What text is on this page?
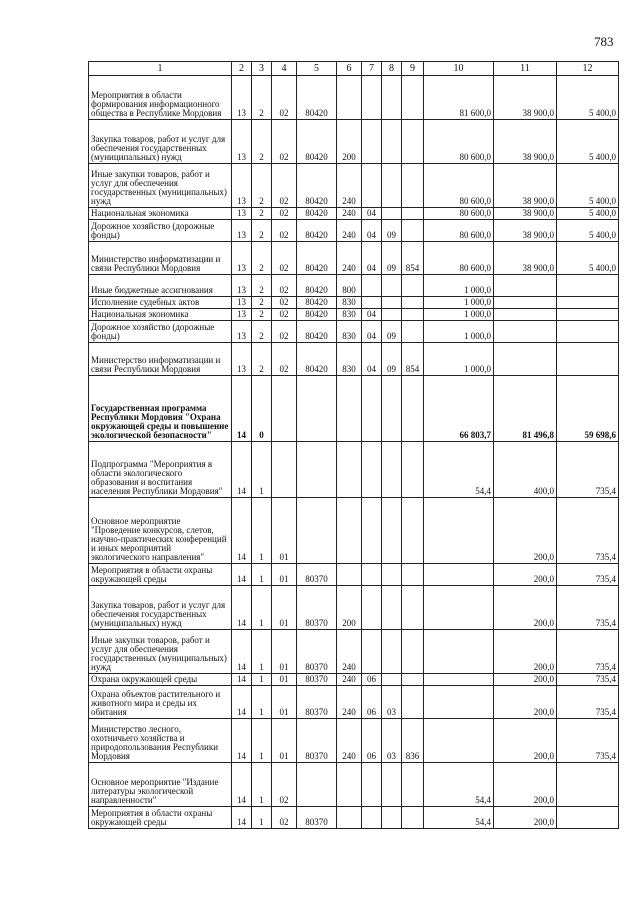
783
1	2	3	4	5	6	7	8	9	10	11	12
Мероприятия в области формирования информационного общества в Республике Мордовия	13	2	02	80420					81 600,0	38 900,0	5 400,0
Закупка товаров, работ и услуг для обеспечения государственных (муниципальных) нужд	13	2	02	80420	200				80 600,0	38 900,0	5 400,0
Иные закупки товаров, работ и услуг для обеспечения государственных (муниципальных) нужд	13	2	02	80420	240				80 600,0	38 900,0	5 400,0
Национальная экономика	13	2	02	80420	240	04			80 600,0	38 900,0	5 400,0
Дорожное хозяйство (дорожные фонды)	13	2	02	80420	240	04	09		80 600,0	38 900,0	5 400,0
Министерство информатизации и связи Республики Мордовия	13	2	02	80420	240	04	09	854	80 600,0	38 900,0	5 400,0
Иные бюджетные ассигнования	13	2	02	80420	800				1 000,0		
Исполнение судебных актов	13	2	02	80420	830				1 000,0		
Национальная экономика	13	2	02	80420	830	04			1 000,0		
Дорожное хозяйство (дорожные фонды)	13	2	02	80420	830	04	09		1 000,0		
Министерство информатизации и связи Республики Мордовия	13	2	02	80420	830	04	09	854	1 000,0		
Государственная программа Республики Мордовия "Охрана окружающей среды и повышение экологической безопасности"	14	0							66 803,7	81 496,8	59 698,6
Подпрограмма "Мероприятия в области экологического образования и воспитания населения Республики Мордовия"	14	1							54,4	400,0	735,4
Основное мероприятие "Проведение конкурсов, слетов, научно-практических конференций и иных мероприятий экологического направления"	14	1	01							200,0	735,4
Мероприятия в области охраны окружающей среды	14	1	01	80370						200,0	735,4
Закупка товаров, работ и услуг для обеспечения государственных (муниципальных) нужд	14	1	01	80370	200					200,0	735,4
Иные закупки товаров, работ и услуг для обеспечения государственных (муниципальных) нужд	14	1	01	80370	240					200,0	735,4
Охрана окружающей среды	14	1	01	80370	240	06				200,0	735,4
Охрана объектов растительного и животного мира и среды их обитания	14	1	01	80370	240	06	03			200,0	735,4
Министерство лесного, охотничьего хозяйства и природопользования Республики Мордовия	14	1	01	80370	240	06	03	836		200,0	735,4
Основное мероприятие "Издание литературы экологической направленности"	14	1	02						54,4	200,0	
Мероприятия в области охраны окружающей среды	14	1	02	80370					54,4	200,0	
